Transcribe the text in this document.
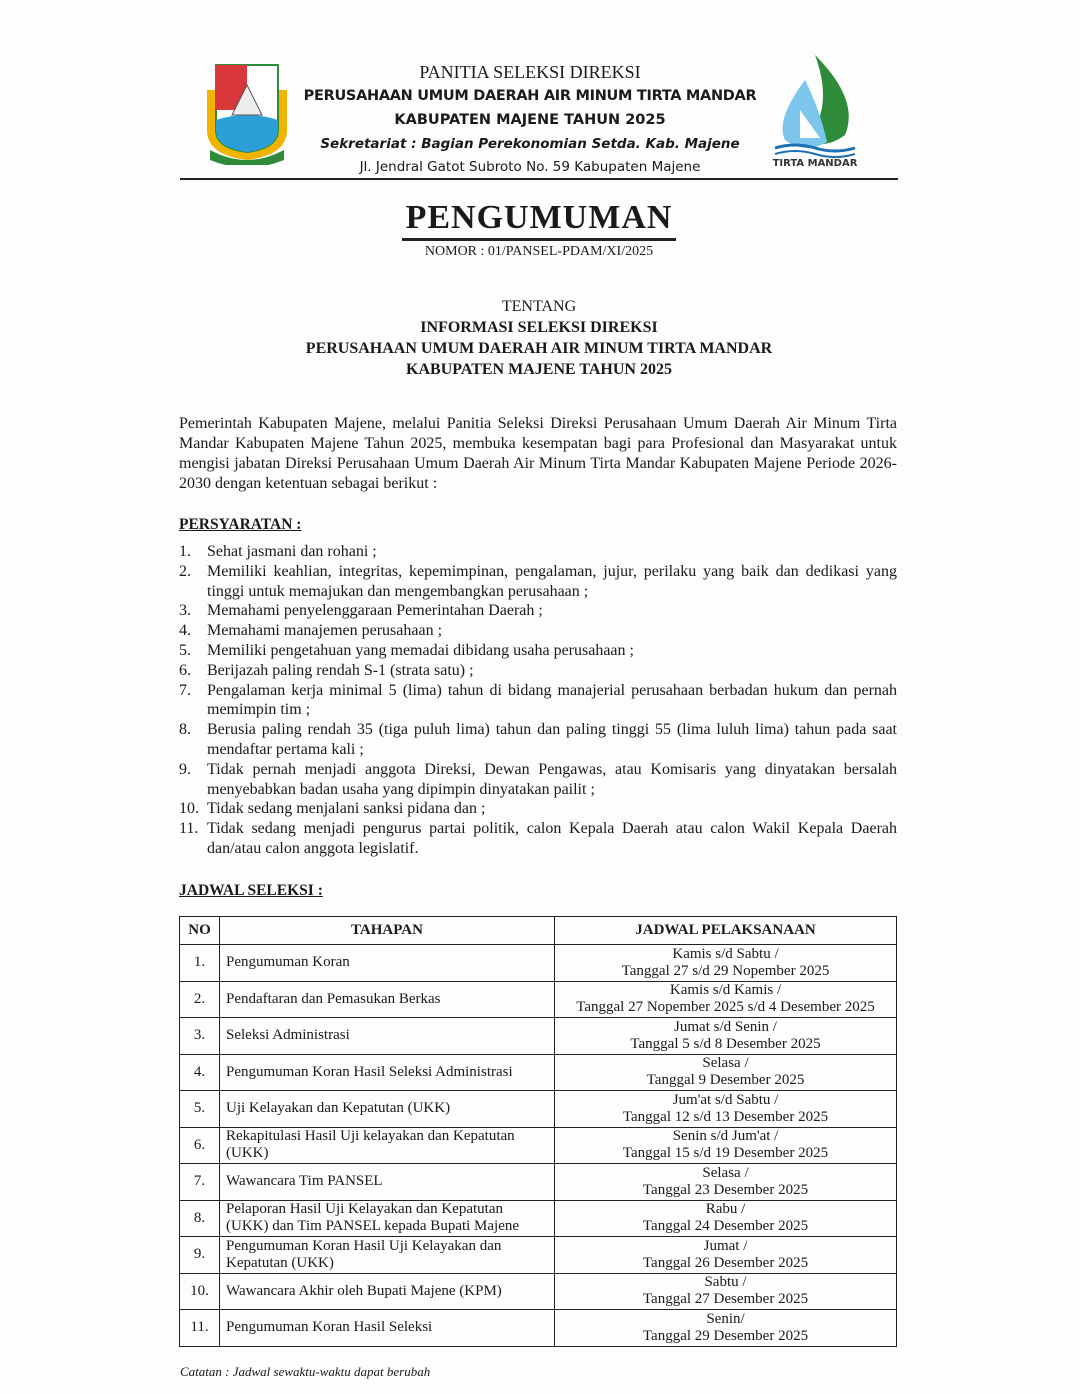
PANITIA SELEKSI DIREKSI
PERUSAHAAN UMUM DAERAH AIR MINUM TIRTA MANDAR
KABUPATEN MAJENE TAHUN 2025
Sekretariat : Bagian Perekonomian Setda. Kab. Majene
Jl. Jendral Gatot Subroto No. 59 Kabupaten Majene	TIRTA MANDAR
PENGUMUMAN
NOMOR : 01/PANSEL-PDAM/XI/2025
TENTANG
INFORMASI SELEKSI DIREKSI
PERUSAHAAN UMUM DAERAH AIR MINUM TIRTA MANDAR
KABUPATEN MAJENE TAHUN 2025
Pemerintah Kabupaten Majene, melalui Panitia Seleksi Direksi Perusahaan Umum Daerah Air Minum Tirta Mandar Kabupaten Majene Tahun 2025, membuka kesempatan bagi para Profesional dan Masyarakat untuk mengisi jabatan Direksi Perusahaan Umum Daerah Air Minum Tirta Mandar Kabupaten Majene Periode 2026-2030 dengan ketentuan sebagai berikut :
PERSYARATAN :
1.	Sehat jasmani dan rohani ;
2.	Memiliki keahlian, integritas, kepemimpinan, pengalaman, jujur, perilaku yang baik dan dedikasi yang tinggi untuk memajukan dan mengembangkan perusahaan ;
3.	Memahami penyelenggaraan Pemerintahan Daerah ;
4.	Memahami manajemen perusahaan ;
5.	Memiliki pengetahuan yang memadai dibidang usaha perusahaan ;
6.	Berijazah paling rendah S-1 (strata satu) ;
7.	Pengalaman kerja minimal 5 (lima) tahun di bidang manajerial perusahaan berbadan hukum dan pernah memimpin tim ;
8.	Berusia paling rendah 35 (tiga puluh lima) tahun dan paling tinggi 55 (lima luluh lima) tahun pada saat mendaftar pertama kali ;
9.	Tidak pernah menjadi anggota Direksi, Dewan Pengawas, atau Komisaris yang dinyatakan bersalah menyebabkan badan usaha yang dipimpin dinyatakan pailit ;
10. Tidak sedang menjalani sanksi pidana dan ;
11. Tidak sedang menjadi pengurus partai politik, calon Kepala Daerah atau calon Wakil Kepala Daerah dan/atau calon anggota legislatif.
JADWAL SELEKSI :
NO	TAHAPAN	JADWAL PELAKSANAAN
1.	Pengumuman Koran	Kamis s/d Sabtu /
Tanggal 27 s/d 29 Nopember 2025

2.	Pendaftaran dan Pemasukan Berkas	Kamis s/d Kamis /
Tanggal 27 Nopember 2025 s/d 4 Desember 2025

3.	Seleksi Administrasi	Jumat s/d Senin /
Tanggal 5 s/d 8 Desember 2025

4.	Pengumuman Koran Hasil Seleksi Administrasi	Selasa /
Tanggal 9 Desember 2025

5.	Uji Kelayakan dan Kepatutan (UKK)	Jum'at s/d Sabtu /
Tanggal 12 s/d 13 Desember 2025

6.	Rekapitulasi Hasil Uji kelayakan dan Kepatutan (UKK)	Senin s/d Jum'at /
Tanggal 15 s/d 19 Desember 2025

7.	Wawancara Tim PANSEL	Selasa /
Tanggal 23 Desember 2025

8.	Pelaporan Hasil Uji Kelayakan dan Kepatutan (UKK) dan Tim PANSEL kepada Bupati Majene	Rabu /
Tanggal 24 Desember 2025

9.	Pengumuman Koran Hasil Uji Kelayakan dan Kepatutan (UKK)	Jumat /
Tanggal 26 Desember 2025

10.	Wawancara Akhir oleh Bupati Majene (KPM)	Sabtu /
Tanggal 27 Desember 2025

11.	Pengumuman Koran Hasil Seleksi	Senin/
Tanggal 29 Desember 2025
Catatan : Jadwal sewaktu-waktu dapat berubah
